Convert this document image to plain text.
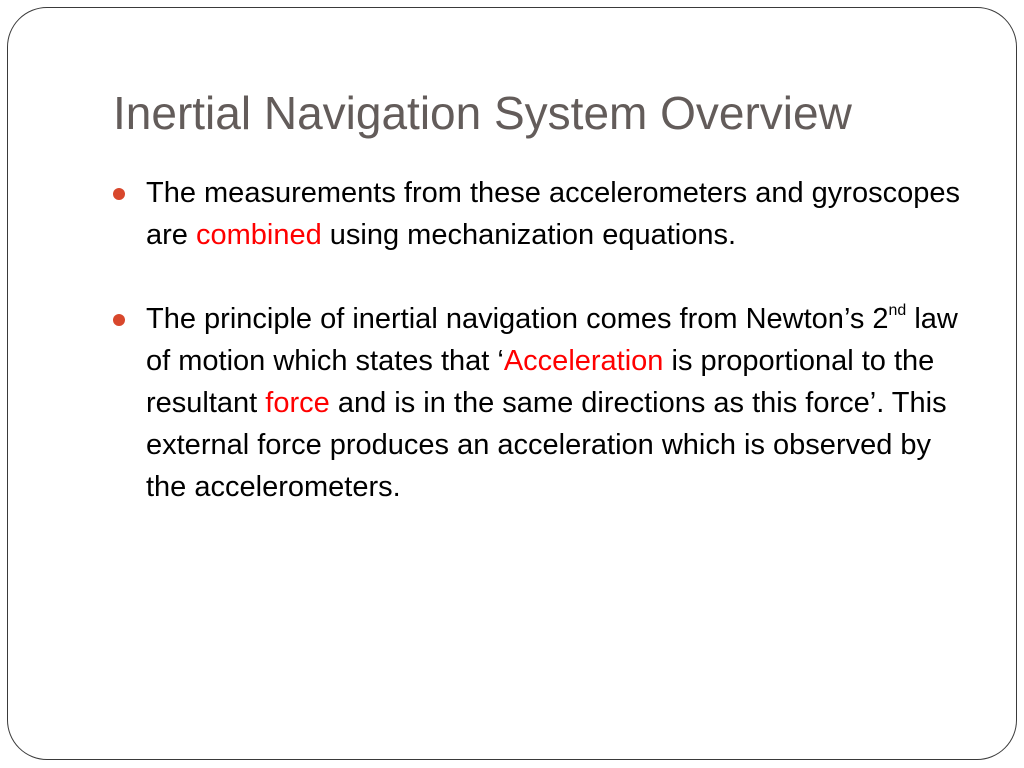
Inertial Navigation System Overview
The measurements from these accelerometers and gyroscopes are combined using mechanization equations.
The principle of inertial navigation comes from Newton’s 2nd law of motion which states that ‘Acceleration is proportional to the resultant force and is in the same directions as this force’. This external force produces an acceleration which is observed by the accelerometers.
